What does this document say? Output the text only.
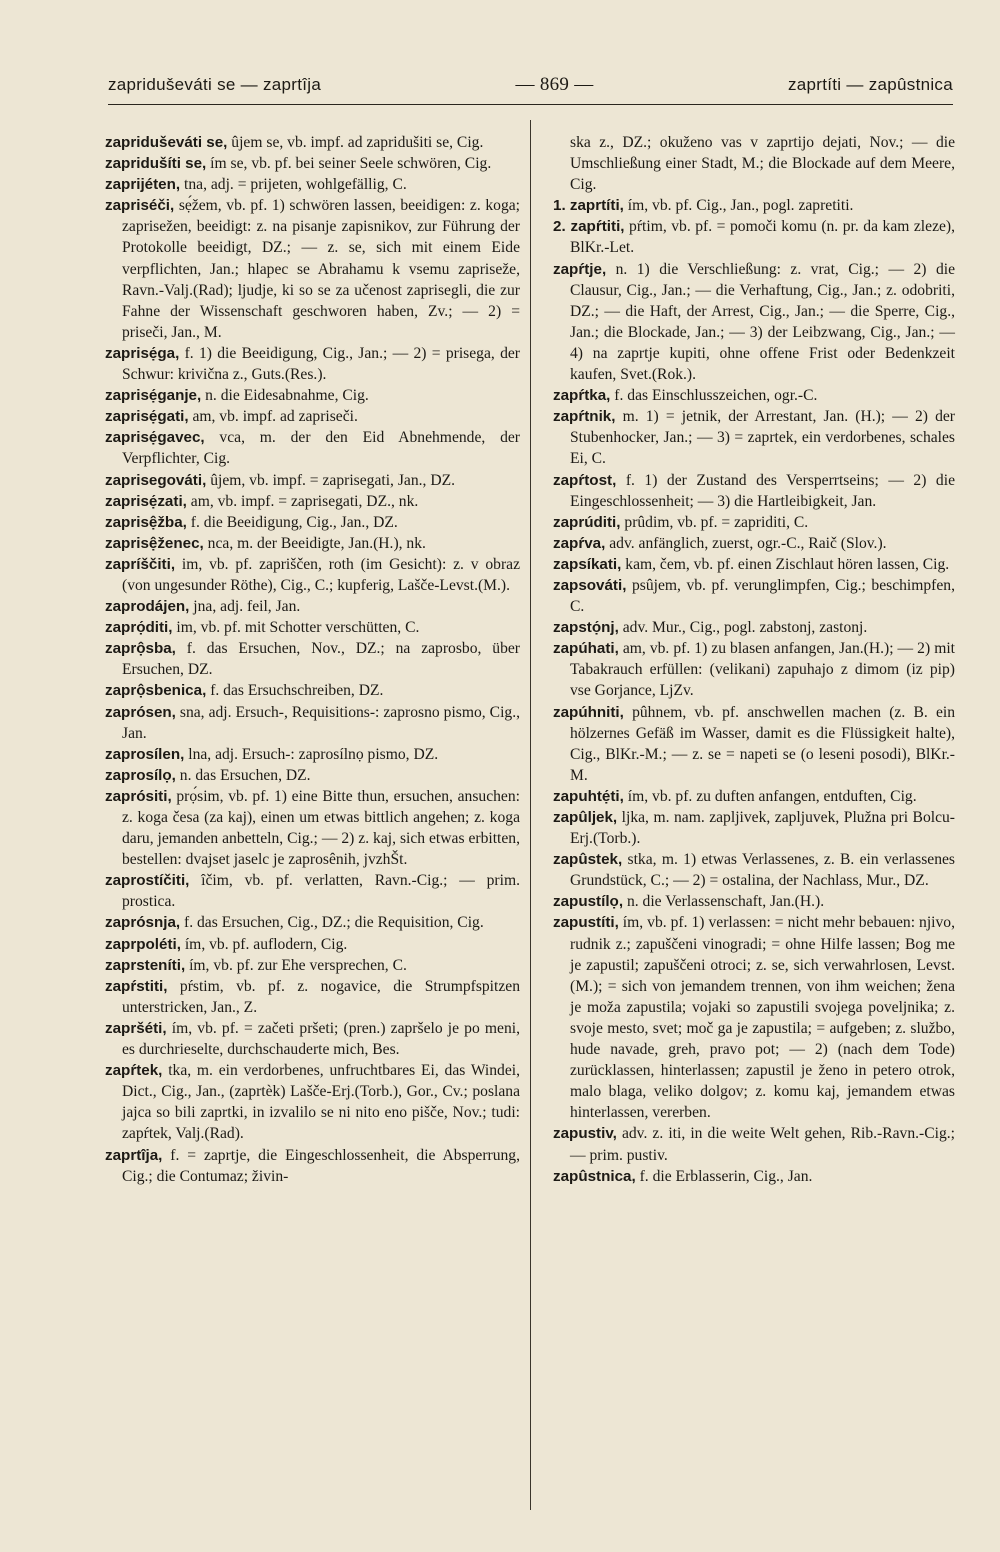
zapriduševáti se — zaprtîja	— 869 —	zaprtíti — zapûstnica

zapriduševáti se, ûjem se, vb. impf. ad zapridušiti se, Cig.

zapridušíti se, ím se, vb. pf. bei seiner Seele schwören, Cig.

zaprijéten, tna, adj. = prijeten, wohlgefällig, C.

zapriséči, sẹ́žem, vb. pf. 1) schwören lassen, beeidigen: z. koga; zaprisežen, beeidigt: z. na pisanje zapisnikov, zur Führung der Protokolle beeidigt, DZ.; — z. se, sich mit einem Eide verpflichten, Jan.; hlapec se Abrahamu k vsemu zapriseže, Ravn.-Valj.(Rad); ljudje, ki so se za učenost zaprisegli, die zur Fahne der Wissenschaft geschworen haben, Zv.; — 2) = priseči, Jan., M.

zaprisẹ́ga, f. 1) die Beeidigung, Cig., Jan.; — 2) = prisega, der Schwur: krivična z., Guts.(Res.).

zaprisẹ́ganje, n. die Eidesabnahme, Cig.

zaprisẹ́gati, am, vb. impf. ad zapriseči.

zaprisẹ́gavec, vca, m. der den Eid Abnehmende, der Verpflichter, Cig.

zaprisegováti, ûjem, vb. impf. = zaprisegati, Jan., DZ.

zaprisẹ́zati, am, vb. impf. = zaprisegati, DZ., nk.

zaprisệžba, f. die Beeidigung, Cig., Jan., DZ.

zaprisệženec, nca, m. der Beeidigte, Jan.(H.), nk.

zapríščiti, im, vb. pf. zapriščen, roth (im Gesicht): z. v obraz (von ungesunder Röthe), Cig., C.; kupferig, Lašče-Levst.(M.).

zaprodájen, jna, adj. feil, Jan.

zaprọ́diti, im, vb. pf. mit Schotter verschütten, C.

zaprộsba, f. das Ersuchen, Nov., DZ.; na zaprosbo, über Ersuchen, DZ.

zaprộsbenica, f. das Ersuchschreiben, DZ.

zaprósen, sna, adj. Ersuch-, Requisitions-: zaprosno pismo, Cig., Jan.

zaprosílen, lna, adj. Ersuch-: zaprosílnọ pismo, DZ.

zaprosílọ, n. das Ersuchen, DZ.

zaprósiti, prọ́sim, vb. pf. 1) eine Bitte thun, ersuchen, ansuchen: z. koga česa (za kaj), einen um etwas bittlich angehen; z. koga daru, jemanden anbetteln, Cig.; — 2) z. kaj, sich etwas erbitten, bestellen: dvajset jaselc je zaprosênih, jvzhŠt.

zaprostíčiti, îčim, vb. pf. verlatten, Ravn.-Cig.; — prim. prostica.

zaprósnja, f. das Ersuchen, Cig., DZ.; die Requisition, Cig.

zaprpoléti, ím, vb. pf. auflodern, Cig.

zaprsteníti, ím, vb. pf. zur Ehe versprechen, C.

zapŕstiti, pŕstim, vb. pf. z. nogavice, die Strumpfspitzen unterstricken, Jan., Z.

zapršéti, ím, vb. pf. = začeti pršeti; (pren.) zapršelo je po meni, es durchrieselte, durchschauderte mich, Bes.

zapŕtek, tka, m. ein verdorbenes, unfruchtbares Ei, das Windei, Dict., Cig., Jan., (zaprtèk) Lašče-Erj.(Torb.), Gor., Cv.; poslana jajca so bili zaprtki, in izvalilo se ni nito eno pišče, Nov.; tudi: zapŕtek, Valj.(Rad).

zaprtîja, f. = zaprtje, die Eingeschlossenheit, die Absperrung, Cig.; die Contumaz; živin-

ska z., DZ.; okuženo vas v zaprtijo dejati, Nov.; — die Umschließung einer Stadt, M.; die Blockade auf dem Meere, Cig.

1. zaprtíti, ím, vb. pf. Cig., Jan., pogl. zapretiti.

2. zapŕtiti, pŕtim, vb. pf. = pomoči komu (n. pr. da kam zleze), BlKr.-Let.

zapŕtje, n. 1) die Verschließung: z. vrat, Cig.; — 2) die Clausur, Cig., Jan.; — die Verhaftung, Cig., Jan.; z. odobriti, DZ.; — die Haft, der Arrest, Cig., Jan.; — die Sperre, Cig., Jan.; die Blockade, Jan.; — 3) der Leibzwang, Cig., Jan.; — 4) na zaprtje kupiti, ohne offene Frist oder Bedenkzeit kaufen, Svet.(Rok.).

zapŕtka, f. das Einschlusszeichen, ogr.-C.

zapŕtnik, m. 1) = jetnik, der Arrestant, Jan. (H.); — 2) der Stubenhocker, Jan.; — 3) = zaprtek, ein verdorbenes, schales Ei, C.

zapŕtost, f. 1) der Zustand des Versperrtseins; — 2) die Eingeschlossenheit; — 3) die Hartleibigkeit, Jan.

zaprúditi, prûdim, vb. pf. = zapriditi, C.

zapŕva, adv. anfänglich, zuerst, ogr.-C., Raič (Slov.).

zapsíkati, kam, čem, vb. pf. einen Zischlaut hören lassen, Cig.

zapsováti, psûjem, vb. pf. verunglimpfen, Cig.; beschimpfen, C.

zapstọ́nj, adv. Mur., Cig., pogl. zabstonj, zastonj.

zapúhati, am, vb. pf. 1) zu blasen anfangen, Jan.(H.); — 2) mit Tabakrauch erfüllen: (velikani) zapuhajo z dimom (iz pip) vse Gorjance, LjZv.

zapúhniti, pûhnem, vb. pf. anschwellen machen (z. B. ein hölzernes Gefäß im Wasser, damit es die Flüssigkeit halte), Cig., BlKr.-M.; — z. se = napeti se (o leseni posodi), BlKr.-M.

zapuhtẹ́ti, ím, vb. pf. zu duften anfangen, entduften, Cig.

zapûljek, ljka, m. nam. zapljivek, zapljuvek, Plužna pri Bolcu-Erj.(Torb.).

zapûstek, stka, m. 1) etwas Verlassenes, z. B. ein verlassenes Grundstück, C.; — 2) = ostalina, der Nachlass, Mur., DZ.

zapustílọ, n. die Verlassenschaft, Jan.(H.).

zapustíti, ím, vb. pf. 1) verlassen: = nicht mehr bebauen: njivo, rudnik z.; zapuščeni vinogradi; = ohne Hilfe lassen; Bog me je zapustil; zapuščeni otroci; z. se, sich verwahrlosen, Levst.(M.); = sich von jemandem trennen, von ihm weichen; žena je moža zapustila; vojaki so zapustili svojega poveljnika; z. svoje mesto, svet; moč ga je zapustila; = aufgeben; z. službo, hude navade, greh, pravo pot; — 2) (nach dem Tode) zurücklassen, hinterlassen; zapustil je ženo in petero otrok, malo blaga, veliko dolgov; z. komu kaj, jemandem etwas hinterlassen, vererben.

zapustiv, adv. z. iti, in die weite Welt gehen, Rib.-Ravn.-Cig.; — prim. pustiv.

zapûstnica, f. die Erblasserin, Cig., Jan.
